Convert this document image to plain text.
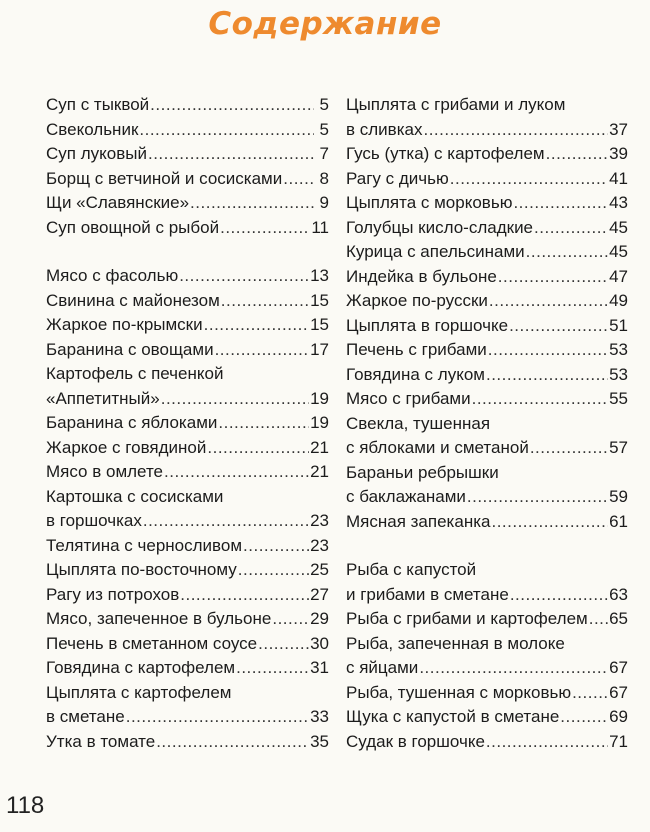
Содержание
Суп с тыквой .....	5
Свекольник .....	5
Суп луковый .....	7
Борщ с ветчиной и сосисками ..... 8
Щи «Славянские» .....	9
Суп овощной с рыбой .....	11
Мясо с фасолью .....	13
Свинина с майонезом .....	15
Жаркое по-крымски .....	15
Баранина с овощами .....	17
Картофель с печенкой
«Аппетитный» .....	19
Баранина с яблоками .....	19
Жаркое с говядиной .....	21
Мясо в омлете .....	21
Картошка с сосисками
в горшочках .....	23
Телятина с черносливом .....	23
Цыплята по-восточному .....	25
Рагу из потрохов .....	27
Мясо, запеченное в бульоне ..... 29
Печень в сметанном соусе .....	30
Говядина с картофелем .....	31
Цыплята с картофелем
в сметане .....	33
Утка в томате .....	35
Цыплята с грибами и луком
в сливках .....	37
Гусь (утка) с картофелем .....	39
Рагу с дичью .....	41
Цыплята с морковью .....	43
Голубцы кисло-сладкие .....	45
Курица с апельсинами .....	45
Индейка в бульоне .....	47
Жаркое по-русски .....	49
Цыплята в горшочке .....	51
Печень с грибами .....	53
Говядина с луком .....	53
Мясо с грибами .....	55
Свекла, тушенная
с яблоками и сметаной .....	57
Бараньи ребрышки
с баклажанами .....	59
Мясная запеканка .....	61
Рыба с капустой
и грибами в сметане .....	63
Рыба с грибами и картофелем ..... 65
Рыба, запеченная в молоке
с яйцами .....	67
Рыба, тушенная с морковью ..... 67
Щука с капустой в сметане .....	69
Судак в горшочке .....	71
118
